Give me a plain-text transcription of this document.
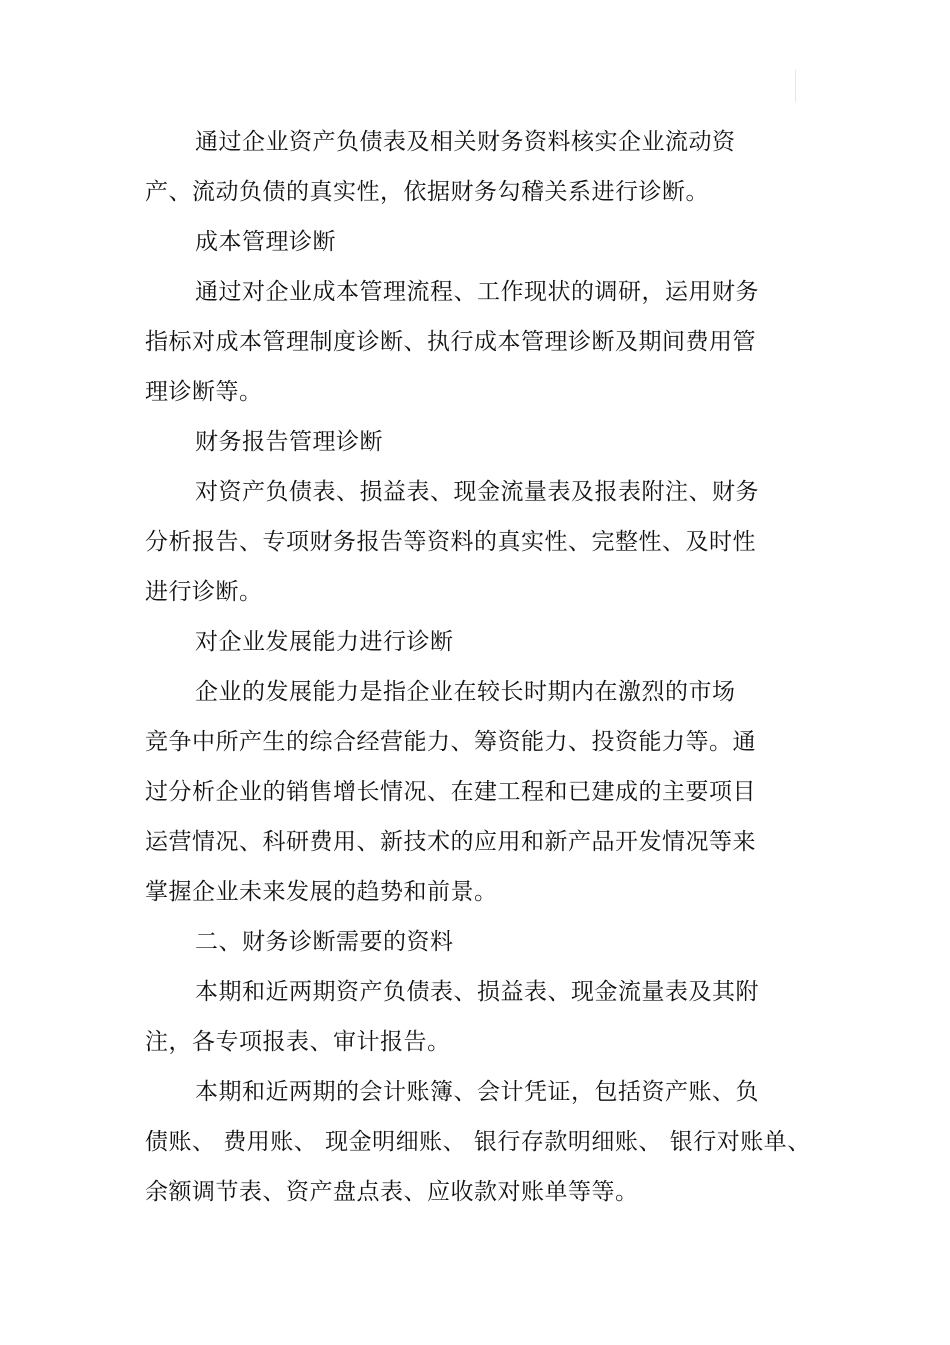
通过企业资产负债表及相关财务资料核实企业流动资
产、流动负债的真实性，依据财务勾稽关系进行诊断。
成本管理诊断
通过对企业成本管理流程、工作现状的调研，运用财务
指标对成本管理制度诊断、执行成本管理诊断及期间费用管
理诊断等。
财务报告管理诊断
对资产负债表、损益表、现金流量表及报表附注、财务
分析报告、专项财务报告等资料的真实性、完整性、及时性
进行诊断。
对企业发展能力进行诊断
企业的发展能力是指企业在较长时期内在激烈的市场
竞争中所产生的综合经营能力、筹资能力、投资能力等。通
过分析企业的销售增长情况、在建工程和已建成的主要项目
运营情况、科研费用、新技术的应用和新产品开发情况等来
掌握企业未来发展的趋势和前景。
二、财务诊断需要的资料
本期和近两期资产负债表、损益表、现金流量表及其附
注，各专项报表、审计报告。
本期和近两期的会计账簿、会计凭证，包括资产账、负
债账、 费用账、 现金明细账、 银行存款明细账、 银行对账单、
余额调节表、资产盘点表、应收款对账单等等。
